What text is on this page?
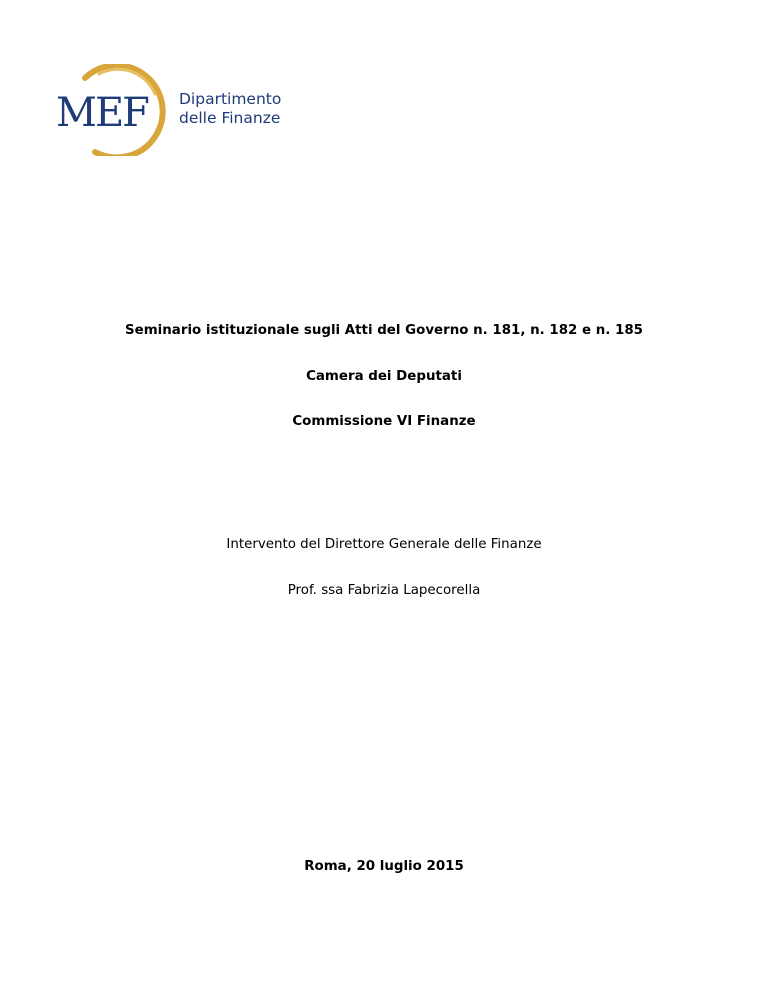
MEF Dipartimento
delle Finanze
Seminario istituzionale sugli Atti del Governo n. 181, n. 182 e n. 185
Camera dei Deputati
Commissione VI Finanze
Intervento del Direttore Generale delle Finanze
Prof. ssa Fabrizia Lapecorella
Roma, 20 luglio 2015
